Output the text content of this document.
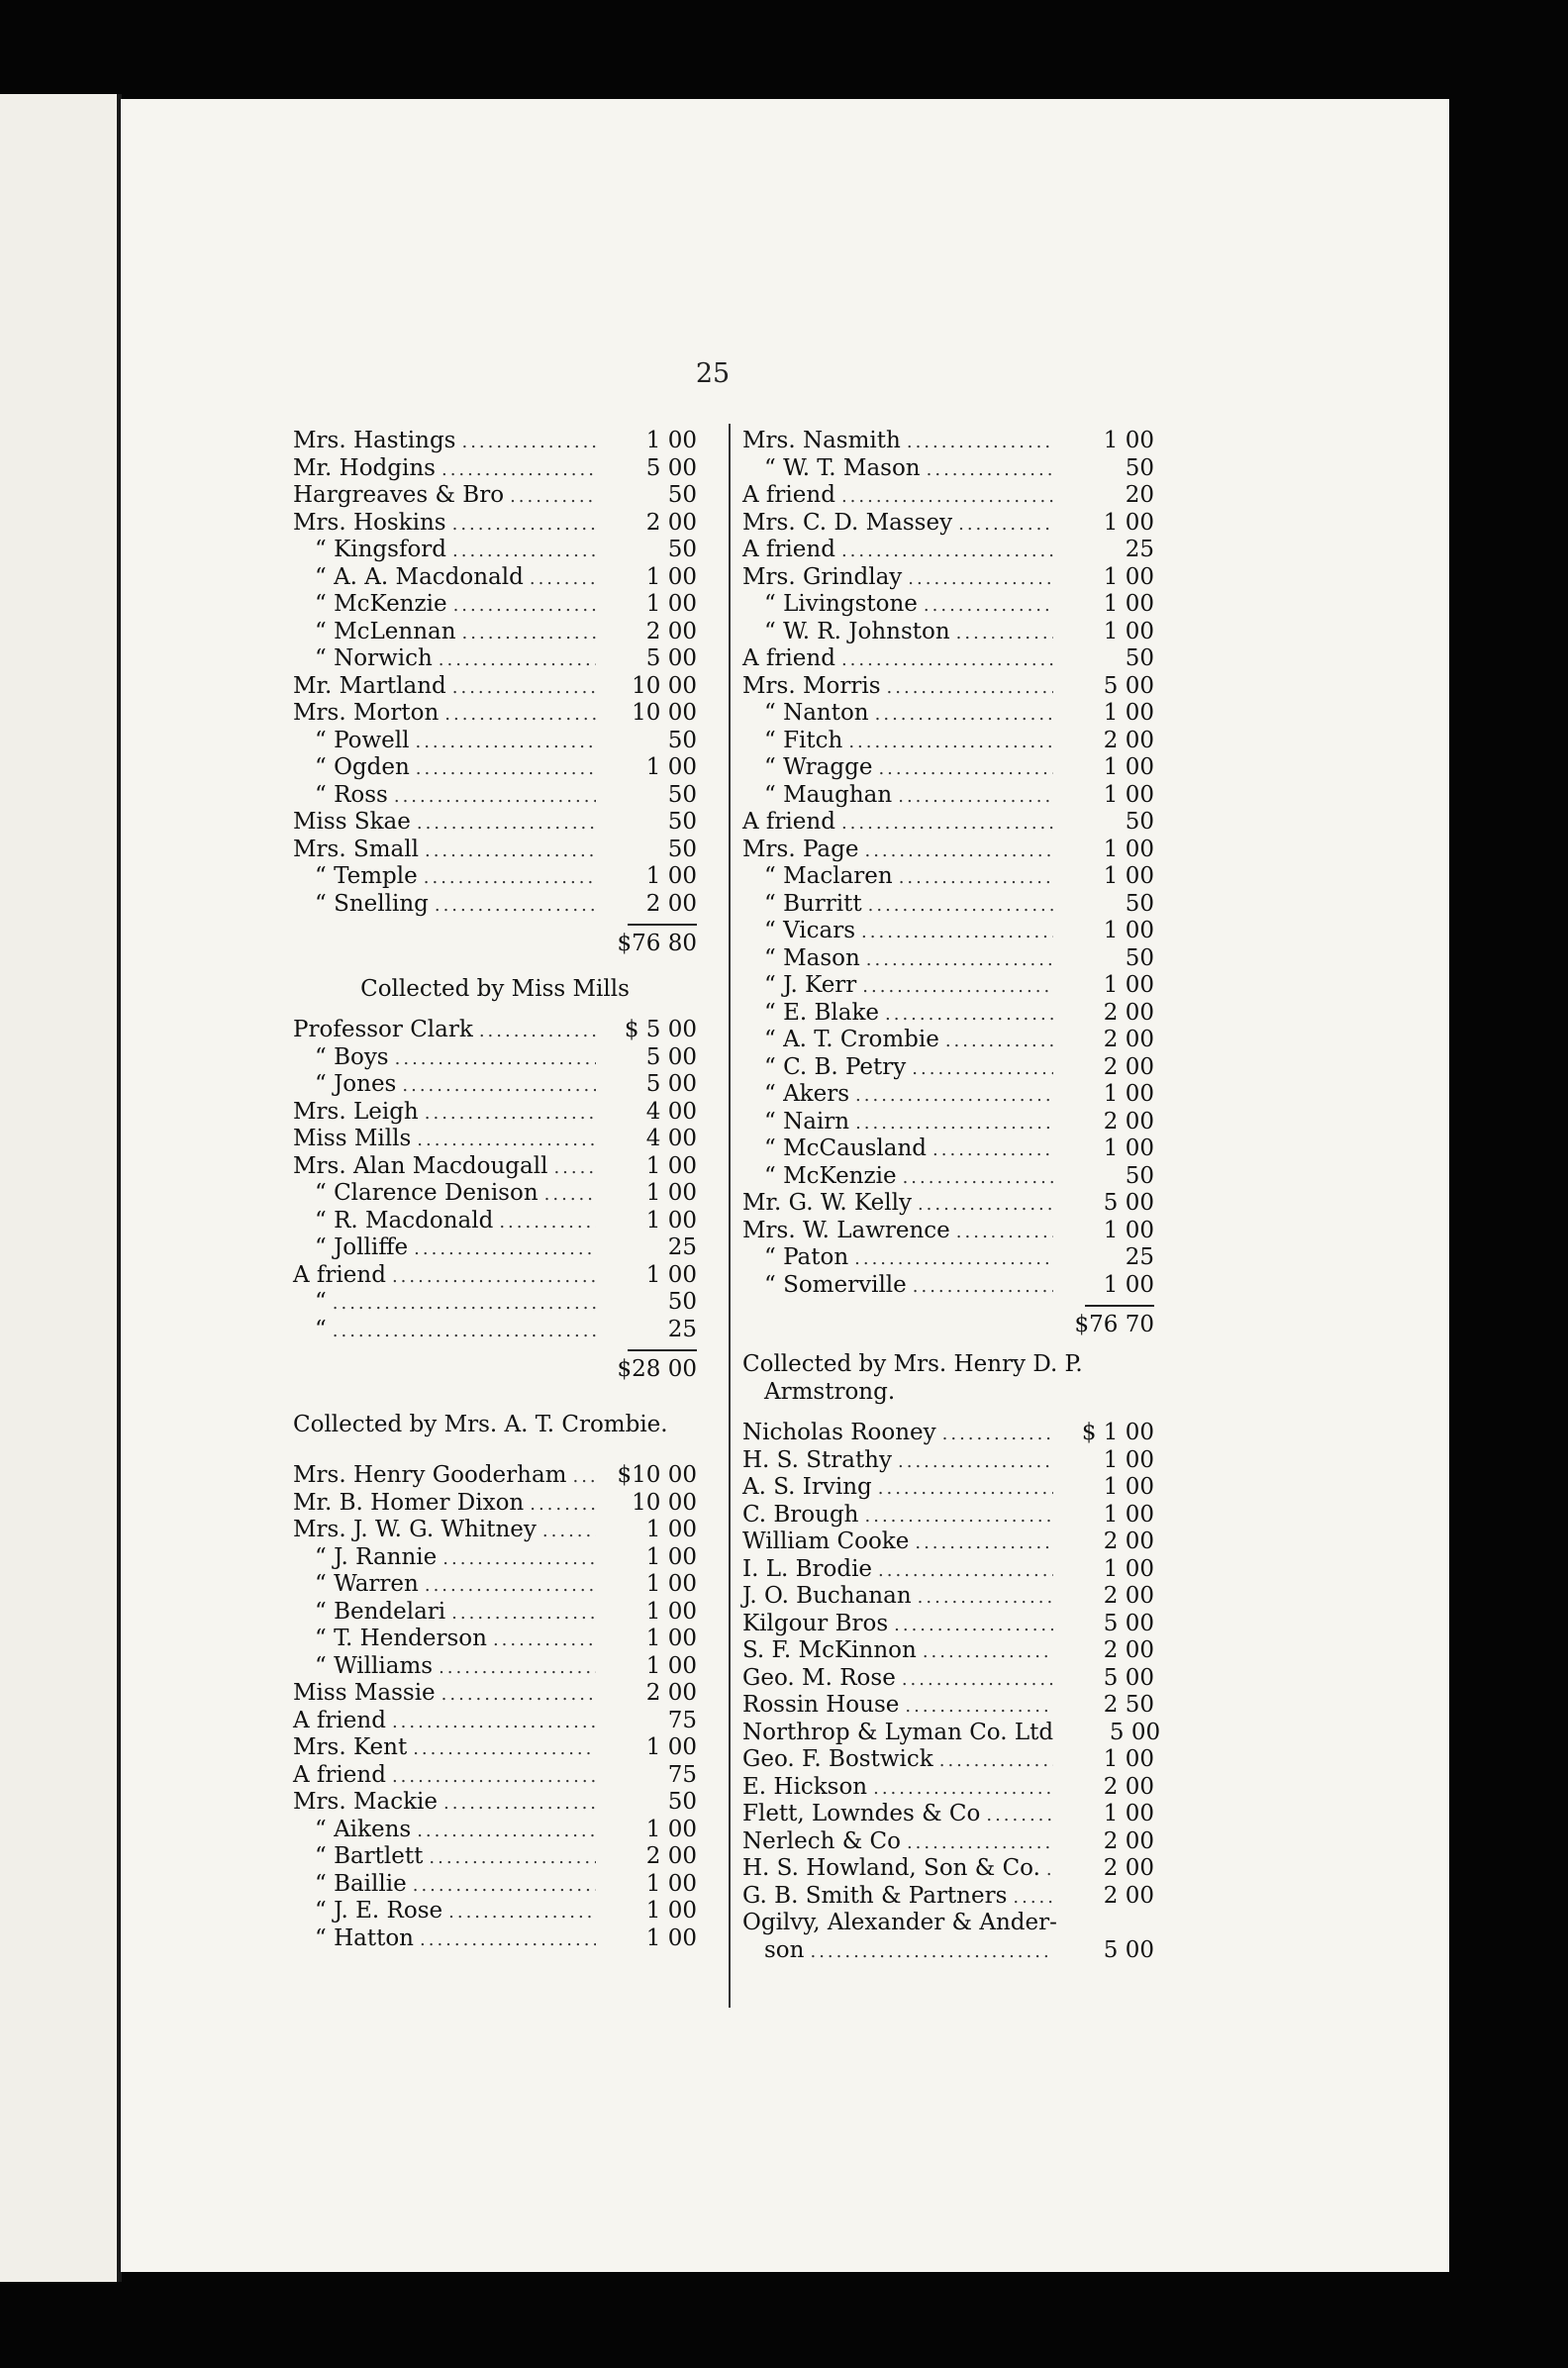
25
Mrs. Hastings .....	1 00
Mr. Hodgins .....	5 00
Hargreaves & Bro .....	50
Mrs. Hoskins .....	2 00
“ Kingsford .....	50
“ A. A. Macdonald .....	1 00
“ McKenzie .....	1 00
“ McLennan .....	2 00
“ Norwich .....	5 00
Mr. Martland .....	10 00
Mrs. Morton .....	10 00
“ Powell .....	50
“ Ogden .....	1 00
“ Ross .....	50
Miss Skae .....	50
Mrs. Small .....	50
“ Temple .....	1 00
“ Snelling .....	2 00
$76 80
Collected by Miss Mills
Professor Clark .....	$ 5 00
“ Boys .....	5 00
“ Jones .....	5 00
Mrs. Leigh .....	4 00
Miss Mills .....	4 00
Mrs. Alan Macdougall .....	1 00
“ Clarence Denison .....	1 00
“ R. Macdonald .....	1 00
“ Jolliffe .....	25
A friend .....	1 00
“ .....	50
“ .....	25
$28 00
Collected by Mrs. A. T. Crombie.
Mrs. Henry Gooderham .....	$10 00
Mr. B. Homer Dixon .....	10 00
Mrs. J. W. G. Whitney .....	1 00
“ J. Rannie .....	1 00
“ Warren .....	1 00
“ Bendelari .....	1 00
“ T. Henderson .....	1 00
“ Williams .....	1 00
Miss Massie .....	2 00
A friend .....	75
Mrs. Kent .....	1 00
A friend .....	75
Mrs. Mackie .....	50
“ Aikens .....	1 00
“ Bartlett .....	2 00
“ Baillie .....	1 00
“ J. E. Rose .....	1 00
“ Hatton .....	1 00
Mrs. Nasmith .....	1 00
“ W. T. Mason .....	50
A friend .....	20
Mrs. C. D. Massey .....	1 00
A friend .....	25
Mrs. Grindlay .....	1 00
“ Livingstone .....	1 00
“ W. R. Johnston .....	1 00
A friend .....	50
Mrs. Morris .....	5 00
“ Nanton .....	1 00
“ Fitch .....	2 00
“ Wragge .....	1 00
“ Maughan .....	1 00
A friend .....	50
Mrs. Page .....	1 00
“ Maclaren .....	1 00
“ Burritt .....	50
“ Vicars .....	1 00
“ Mason .....	50
“ J. Kerr .....	1 00
“ E. Blake .....	2 00
“ A. T. Crombie .....	2 00
“ C. B. Petry .....	2 00
“ Akers .....	1 00
“ Nairn .....	2 00
“ McCausland .....	1 00
“ McKenzie .....	50
Mr. G. W. Kelly .....	5 00
Mrs. W. Lawrence .....	1 00
“ Paton .....	25
“ Somerville .....	1 00
$76 70
Collected by Mrs. Henry D. P.
Armstrong.
Nicholas Rooney .....	$ 1 00
H. S. Strathy .....	1 00
A. S. Irving .....	1 00
C. Brough .....	1 00
William Cooke .....	2 00
I. L. Brodie .....	1 00
J. O. Buchanan .....	2 00
Kilgour Bros .....	5 00
S. F. McKinnon .....	2 00
Geo. M. Rose .....	5 00
Rossin House .....	2 50
Northrop & Lyman Co. Ltd	5 00
Geo. F. Bostwick .....	1 00
E. Hickson .....	2 00
Flett, Lowndes & Co .....	1 00
Nerlech & Co .....	2 00
H. S. Howland, Son & Co. .....	2 00
G. B. Smith & Partners .....	2 00
Ogilvy, Alexander & Ander-
son .....	5 00
